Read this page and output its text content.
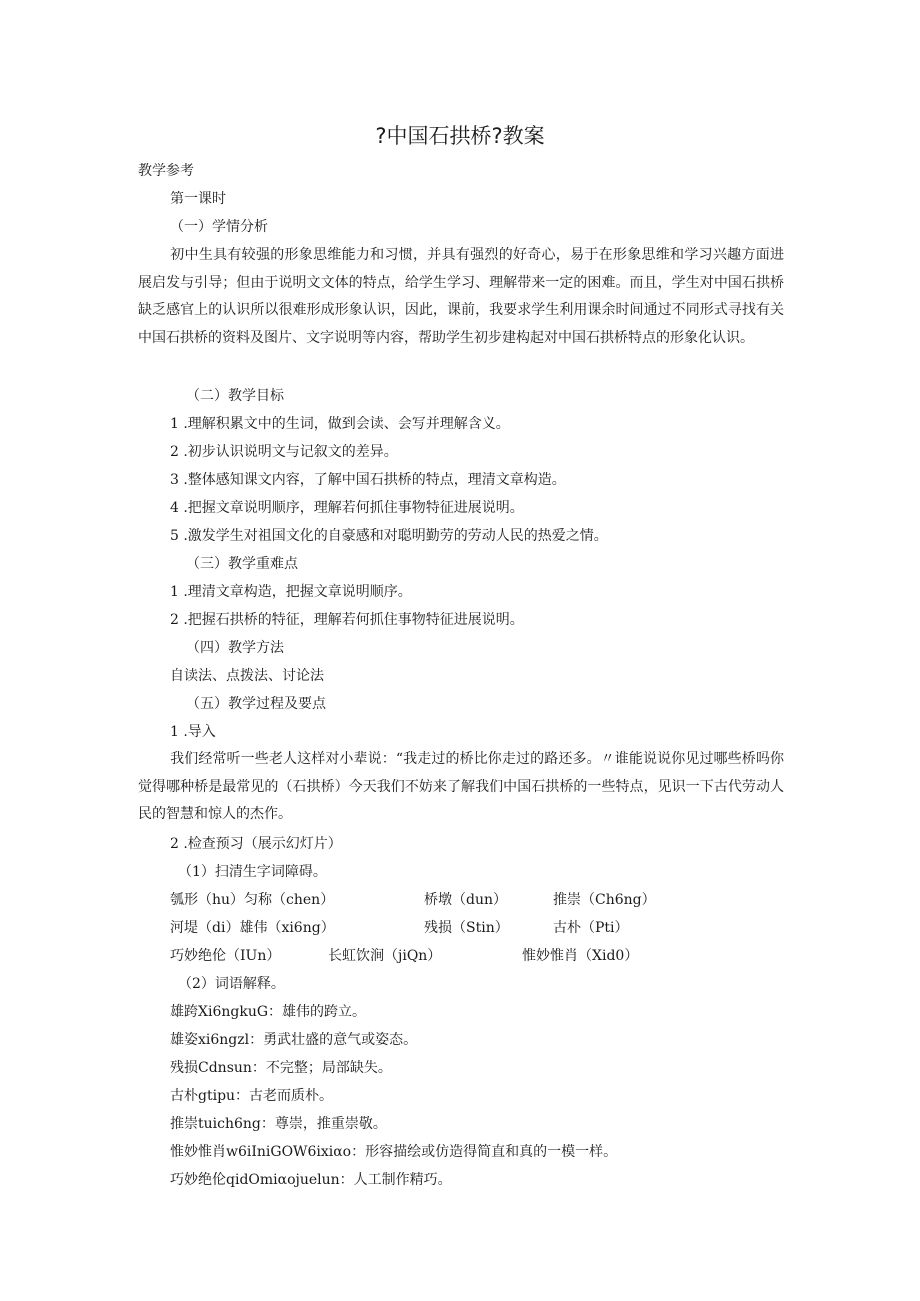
?中国石拱桥?教案
教学参考
第一课时
（一）学情分析
初中生具有较强的形象思维能力和习惯，并具有强烈的好奇心，易于在形象思维和学习兴趣方面进展启发与引导；但由于说明文文体的特点，给学生学习、理解带来一定的困难。而且，学生对中国石拱桥缺乏感官上的认识所以很难形成形象认识，因此，课前，我要求学生利用课余时间通过不同形式寻找有关中国石拱桥的资料及图片、文字说明等内容，帮助学生初步建构起对中国石拱桥特点的形象化认识。
（二）教学目标
1 .理解积累文中的生词，做到会读、会写并理解含义。
2 .初步认识说明文与记叙文的差异。
3 .整体感知课文内容，了解中国石拱桥的特点，理清文章构造。
4 .把握文章说明顺序，理解若何抓住事物特征进展说明。
5 .激发学生对祖国文化的自豪感和对聪明勤劳的劳动人民的热爱之情。
（三）教学重难点
1 .理清文章构造，把握文章说明顺序。
2 .把握石拱桥的特征，理解若何抓住事物特征进展说明。
（四）教学方法
自读法、点拨法、讨论法
（五）教学过程及要点
1 .导入
我们经常听一些老人这样对小辈说：“我走过的桥比你走过的路还多。〃谁能说说你见过哪些桥吗你觉得哪种桥是最常见的（石拱桥）今天我们不妨来了解我们中国石拱桥的一些特点，见识一下古代劳动人民的智慧和惊人的杰作。
2 .检查预习（展示幻灯片）
（1）扫清生字词障碍。
瓠形（hu）匀称（chen）	桥墩（dun）	推崇（Ch6ng）
河堤（di）雄伟（xi6ng）	残损（Stin）	古朴（Pti）
巧妙绝伦（IUn）	长虹饮涧（jiQn）	惟妙惟肖（Xid0）
（2）词语解释。
雄跨Xi6ngkuG：雄伟的跨立。
雄姿xi6ngzl：勇武壮盛的意气或姿态。
残损Cdnsun：不完整；局部缺失。
古朴gtipu：古老而质朴。
推崇tuich6ng：尊崇，推重崇敬。
惟妙惟肖w6iIniGOW6ixiαo：形容描绘或仿造得简直和真的一模一样。
巧妙绝伦qidOmiαojuelun：人工制作精巧。
